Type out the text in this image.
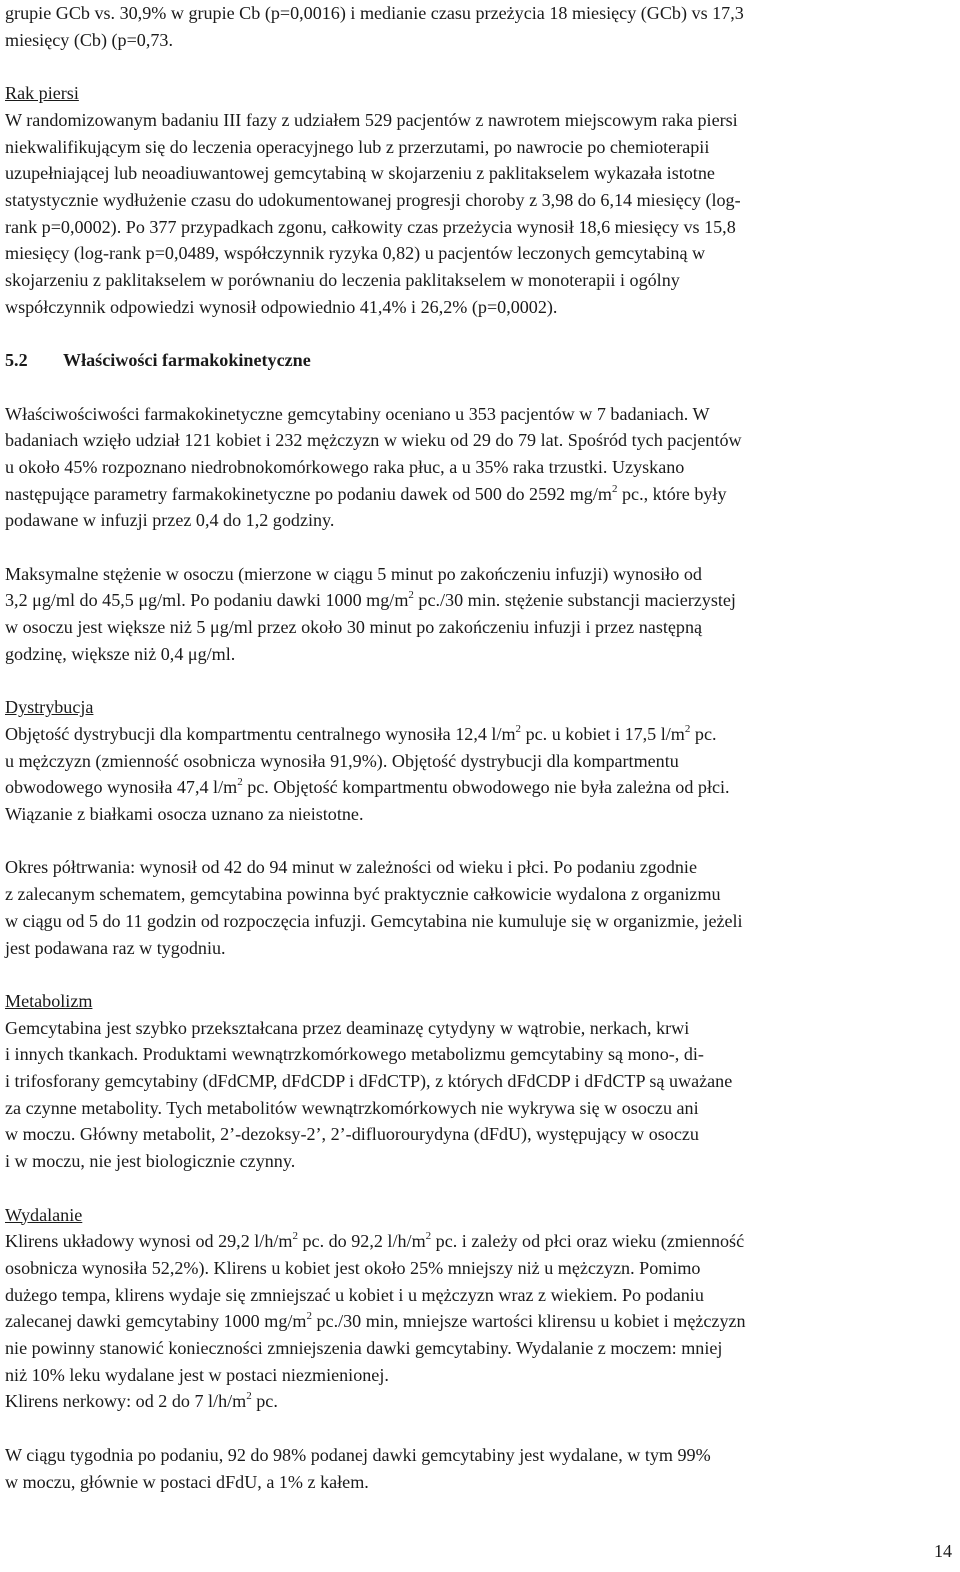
grupie GCb vs. 30,9% w grupie Cb (p=0,0016) i medianie czasu przeżycia 18 miesięcy (GCb) vs 17,3

miesięcy (Cb) (p=0,73.

Rak piersi

W randomizowanym badaniu III fazy z udziałem 529 pacjentów z nawrotem miejscowym raka piersi

niekwalifikującym się do leczenia operacyjnego lub z przerzutami, po nawrocie po chemioterapii

uzupełniającej lub neoadiuwantowej gemcytabiną w skojarzeniu z paklitakselem wykazała istotne

statystycznie wydłużenie czasu do udokumentowanej progresji choroby z 3,98 do 6,14 miesięcy (log-

rank p=0,0002). Po 377 przypadkach zgonu, całkowity czas przeżycia wynosił 18,6 miesięcy vs 15,8

miesięcy (log-rank p=0,0489, współczynnik ryzyka 0,82) u pacjentów leczonych gemcytabiną w

skojarzeniu z paklitakselem w porównaniu do leczenia paklitakselem w monoterapii i ogólny

współczynnik odpowiedzi wynosił odpowiednio 41,4% i 26,2% (p=0,0002).

5.2 Właściwości farmakokinetyczne

Właściwościwości farmakokinetyczne gemcytabiny oceniano u 353 pacjentów w 7 badaniach. W

badaniach wzięło udział 121 kobiet i 232 mężczyzn w wieku od 29 do 79 lat. Spośród tych pacjentów

u około 45% rozpoznano niedrobnokomórkowego raka płuc, a u 35% raka trzustki. Uzyskano

następujące parametry farmakokinetyczne po podaniu dawek od 500 do 2592 $mg/m^2$ pc., które były

podawane w infuzji przez 0,4 do 1,2 godziny.

Maksymalne stężenie w osoczu (mierzone w ciągu 5 minut po zakończeniu infuzji) wynosiło od

3,2 μg/ml do 45,5 μg/ml. Po podaniu dawki 1000 $mg/m^2$ pc./30 min. stężenie substancji macierzystej

w osoczu jest większe niż 5 μg/ml przez około 30 minut po zakończeniu infuzji i przez następną

godzinę, większe niż 0,4 μg/ml.

Dystrybucja

Objętość dystrybucji dla kompartmentu centralnego wynosiła 12,4 $l/m^2$ pc. u kobiet i 17,5 $l/m^2$ pc.

u mężczyzn (zmienność osobnicza wynosiła 91,9%). Objętość dystrybucji dla kompartmentu

obwodowego wynosiła 47,4 $l/m^2$ pc. Objętość kompartmentu obwodowego nie była zależna od płci.

Wiązanie z białkami osocza uznano za nieistotne.

Okres półtrwania: wynosił od 42 do 94 minut w zależności od wieku i płci. Po podaniu zgodnie

z zalecanym schematem, gemcytabina powinna być praktycznie całkowicie wydalona z organizmu

w ciągu od 5 do 11 godzin od rozpoczęcia infuzji. Gemcytabina nie kumuluje się w organizmie, jeżeli

jest podawana raz w tygodniu.

Metabolizm

Gemcytabina jest szybko przekształcana przez deaminazę cytydyny w wątrobie, nerkach, krwi

i innych tkankach. Produktami wewnątrzkomórkowego metabolizmu gemcytabiny są mono-, di-

i trifosforany gemcytabiny (dFdCMP, dFdCDP i dFdCTP), z których dFdCDP i dFdCTP są uważane

za czynne metabolity. Tych metabolitów wewnątrzkomórkowych nie wykrywa się w osoczu ani

w moczu. Główny metabolit, 2’-dezoksy-2’, 2’-difluorourydyna (dFdU), występujący w osoczu

i w moczu, nie jest biologicznie czynny.

Wydalanie

Klirens układowy wynosi od 29,2 $l/h/m^2$ pc. do 92,2 $l/h/m^2$ pc. i zależy od płci oraz wieku (zmienność

osobnicza wynosiła 52,2%). Klirens u kobiet jest około 25% mniejszy niż u mężczyzn. Pomimo

dużego tempa, klirens wydaje się zmniejszać u kobiet i u mężczyzn wraz z wiekiem. Po podaniu

zalecanej dawki gemcytabiny 1000 $mg/m^2$ pc./30 min, mniejsze wartości klirensu u kobiet i mężczyzn

nie powinny stanowić konieczności zmniejszenia dawki gemcytabiny. Wydalanie z moczem: mniej

niż 10% leku wydalane jest w postaci niezmienionej.

Klirens nerkowy: od 2 do 7 $l/h/m^2$ pc.

W ciągu tygodnia po podaniu, 92 do 98% podanej dawki gemcytabiny jest wydalane, w tym 99%

w moczu, głównie w postaci dFdU, a 1% z kałem.

14
